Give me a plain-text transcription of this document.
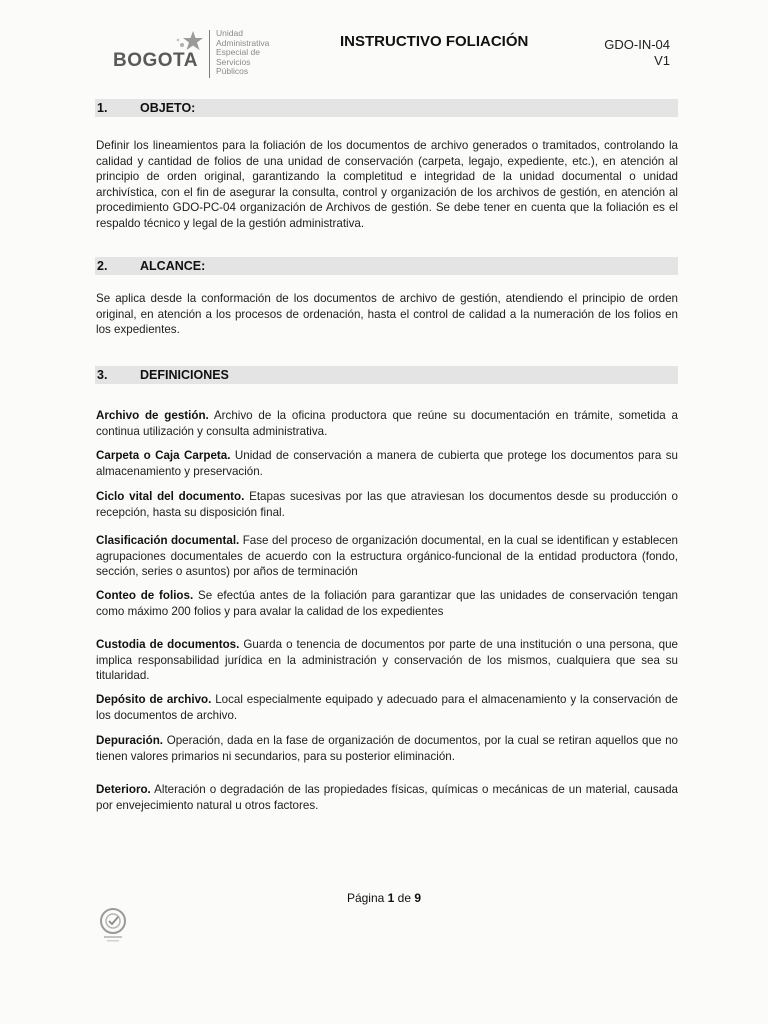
BOGOTA
Unidad
Administrativa
Especial de
Servicios
Públicos
INSTRUCTIVO FOLIACIÓN	GDO-IN-04
V1
1.	OBJETO:
Definir los lineamientos para la foliación de los documentos de archivo generados o tramitados, controlando la calidad y cantidad de folios de una unidad de conservación (carpeta, legajo, expediente, etc.), en atención al principio de orden original, garantizando la completitud e integridad de la unidad documental o unidad archivística, con el fin de asegurar la consulta, control y organización de los archivos de gestión, en atención al procedimiento GDO-PC-04 organización de Archivos de gestión. Se debe tener en cuenta que la foliación es el respaldo técnico y legal de la gestión administrativa.
2.	ALCANCE:
Se aplica desde la conformación de los documentos de archivo de gestión, atendiendo el principio de orden original, en atención a los procesos de ordenación, hasta el control de calidad a la numeración de los folios en los expedientes.
3.	DEFINICIONES
Archivo de gestión. Archivo de la oficina productora que reúne su documentación en trámite, sometida a continua utilización y consulta administrativa.
Carpeta o Caja Carpeta. Unidad de conservación a manera de cubierta que protege los documentos para su almacenamiento y preservación.
Ciclo vital del documento. Etapas sucesivas por las que atraviesan los documentos desde su producción o recepción, hasta su disposición final.
Clasificación documental. Fase del proceso de organización documental, en la cual se identifican y establecen agrupaciones documentales de acuerdo con la estructura orgánico-funcional de la entidad productora (fondo, sección, series o asuntos) por años de terminación
Conteo de folios. Se efectúa antes de la foliación para garantizar que las unidades de conservación tengan como máximo 200 folios y para avalar la calidad de los expedientes
Custodia de documentos. Guarda o tenencia de documentos por parte de una institución o una persona, que implica responsabilidad jurídica en la administración y conservación de los mismos, cualquiera que sea su titularidad.
Depósito de archivo. Local especialmente equipado y adecuado para el almacenamiento y la conservación de los documentos de archivo.
Depuración. Operación, dada en la fase de organización de documentos, por la cual se retiran aquellos que no tienen valores primarios ni secundarios, para su posterior eliminación.
Deterioro. Alteración o degradación de las propiedades físicas, químicas o mecánicas de un material, causada por envejecimiento natural u otros factores.
Página 1 de 9
